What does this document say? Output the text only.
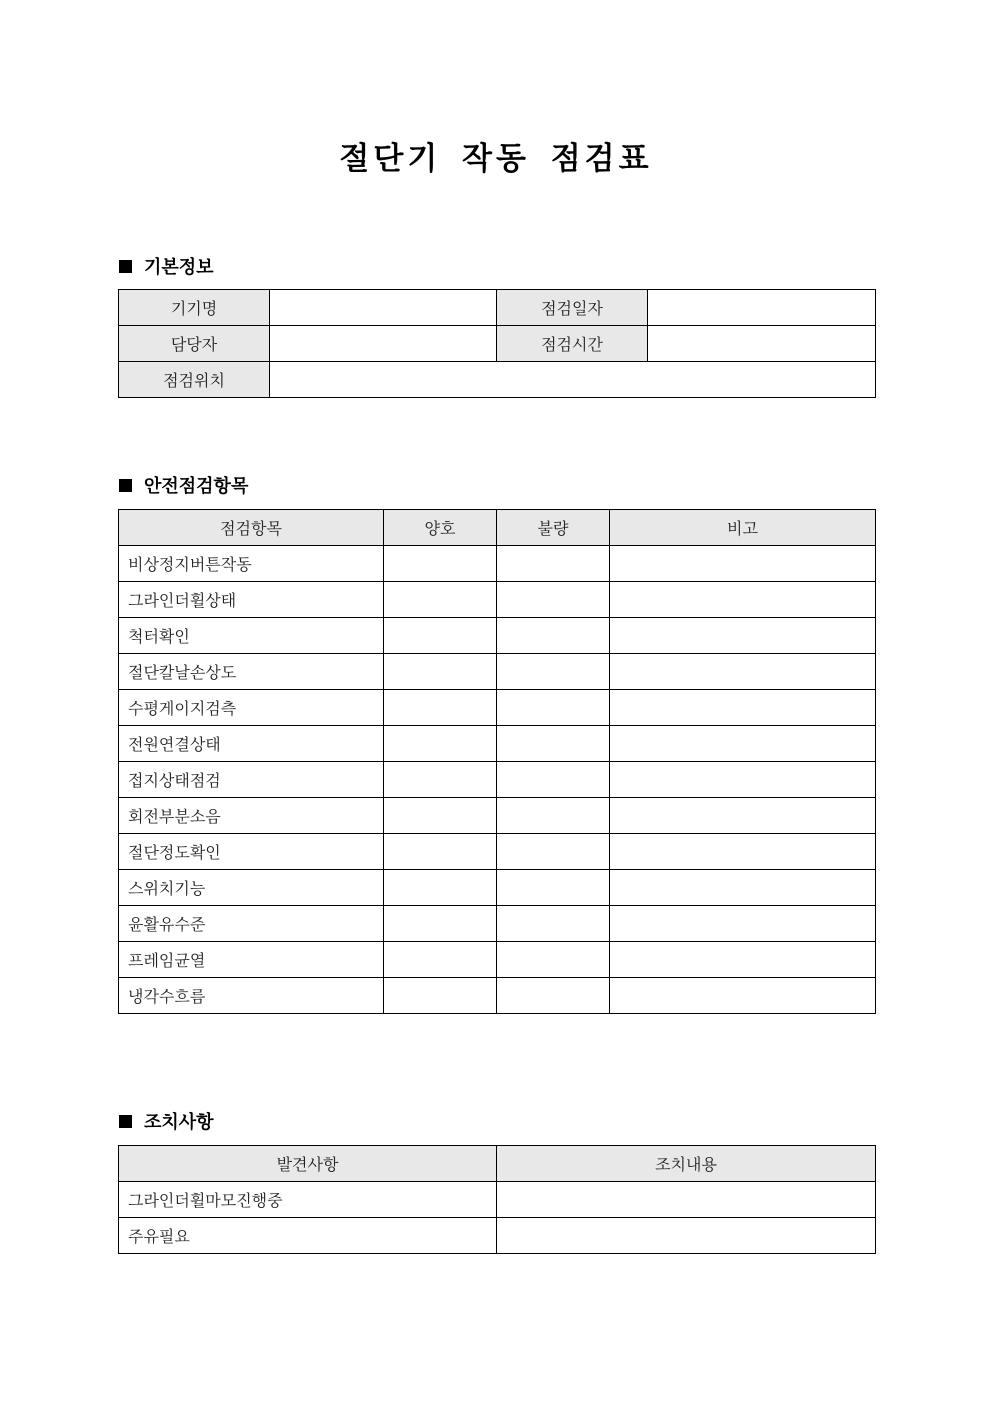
절단기 작동 점검표
기본정보
기기명		점검일자	
담당자		점검시간	
점검위치			
안전점검항목
점검항목	양호	불량	비고
비상정지버튼작동			
그라인더휠상태			
척터확인			
절단칼날손상도			
수평게이지검측			
전원연결상태			
접지상태점검			
회전부분소음			
절단정도확인			
스위치기능			
윤활유수준			
프레임균열			
냉각수흐름			
조치사항
발견사항	조치내용
그라인더휠마모진행중	
주유필요	
